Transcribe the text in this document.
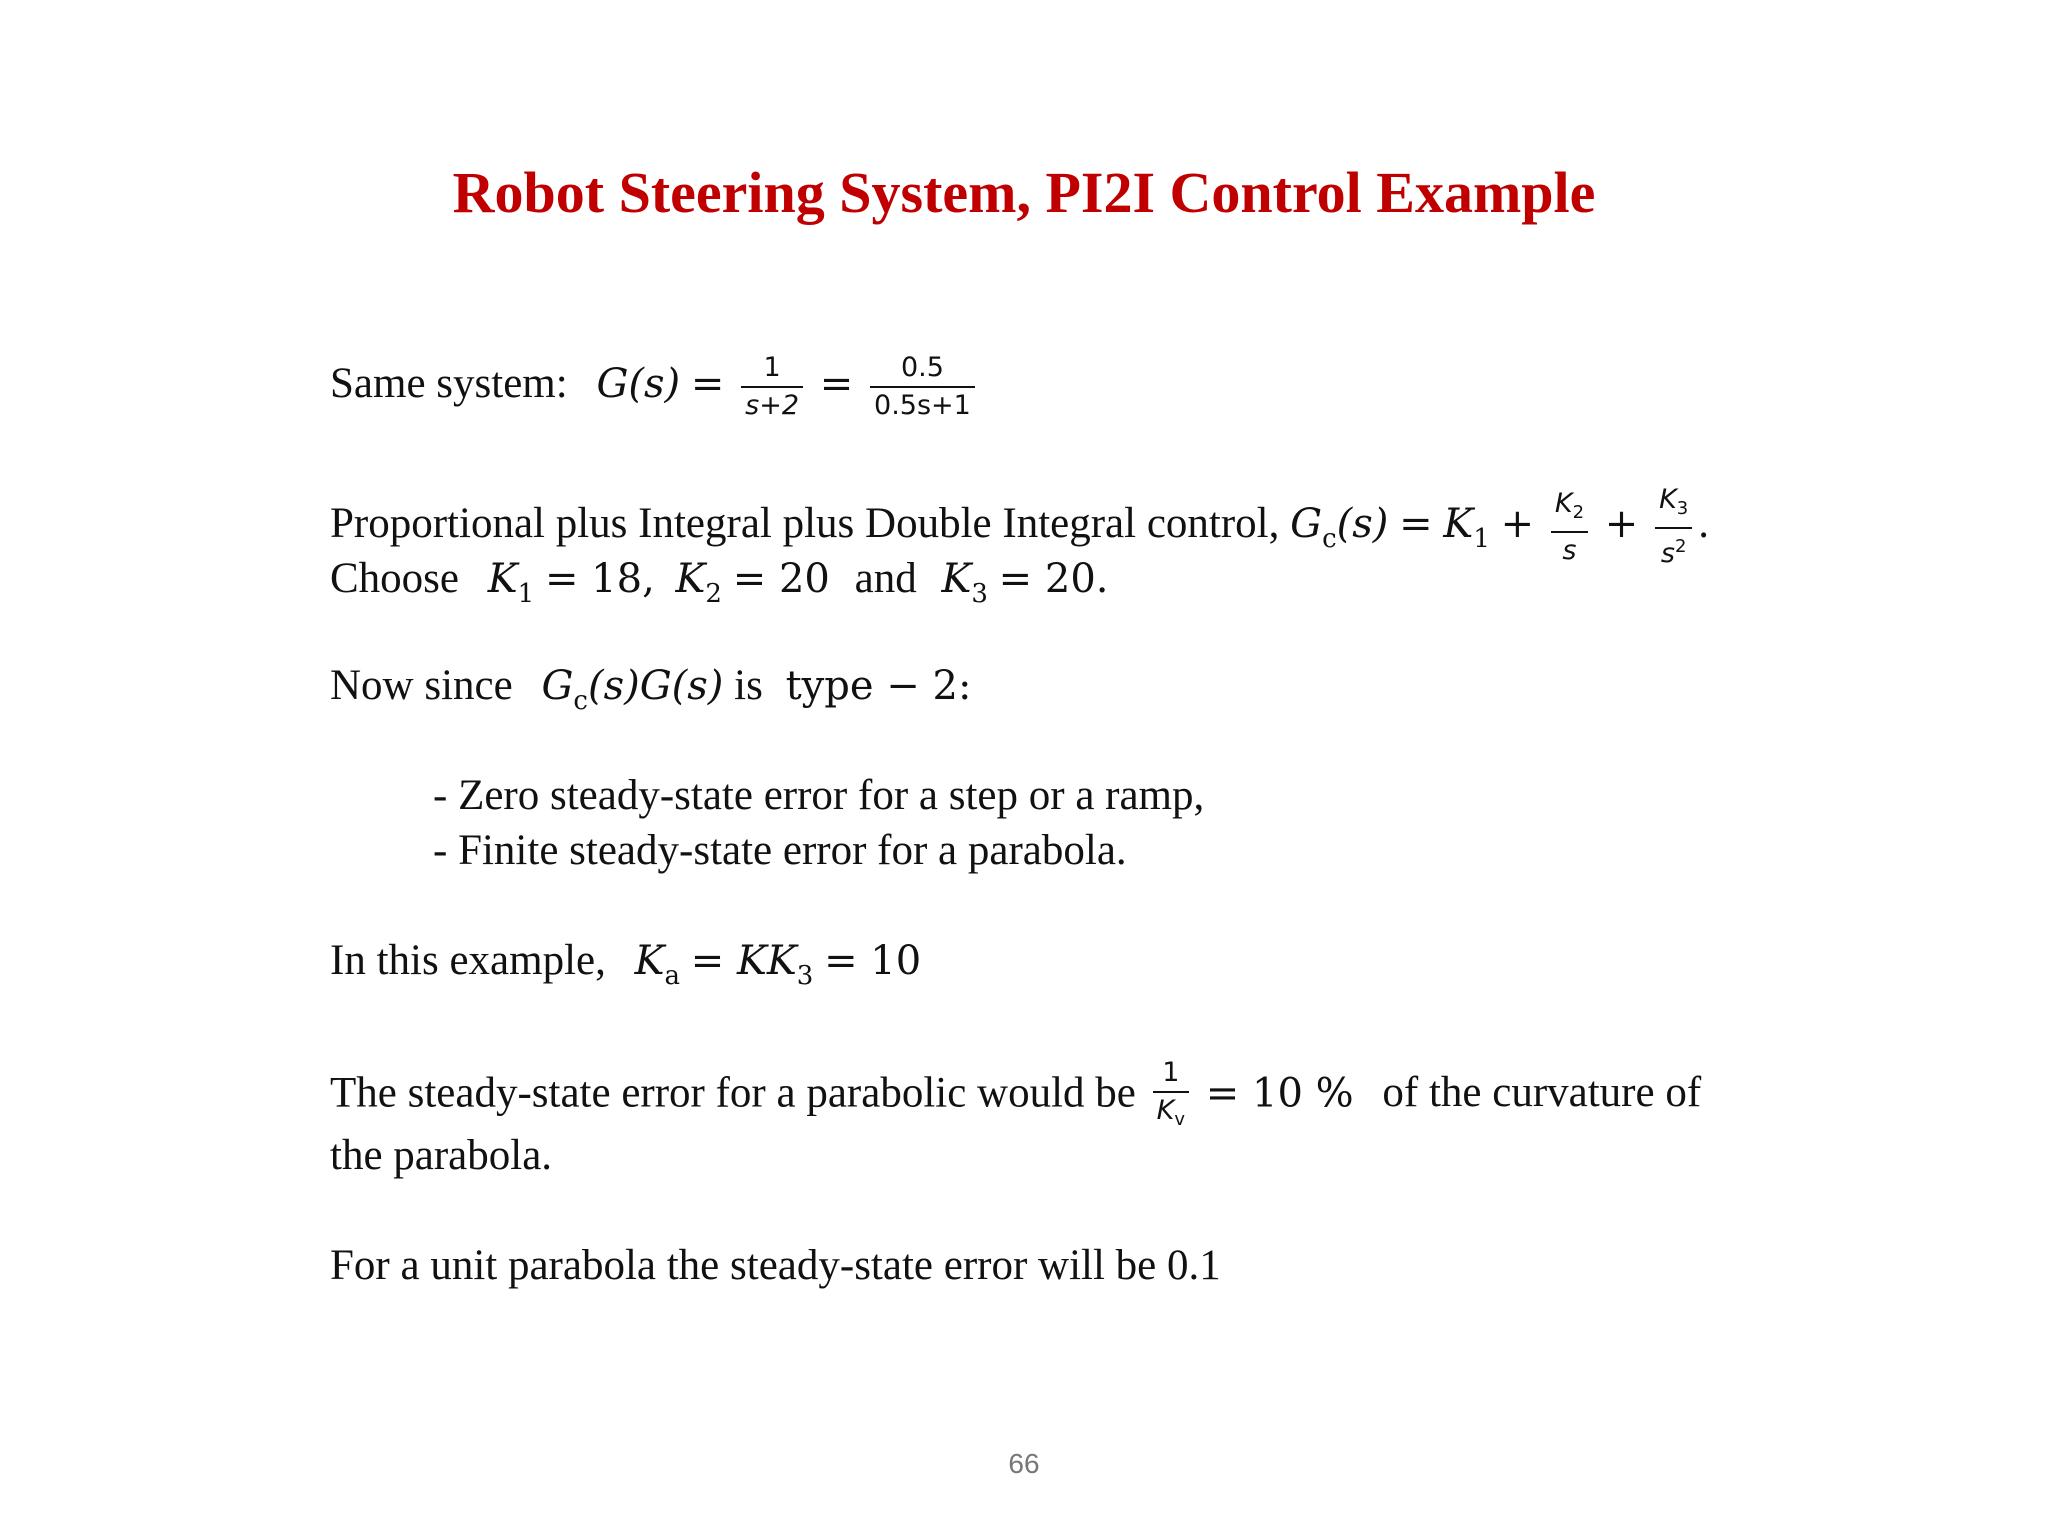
Robot Steering System, PI2I Control Example
Same system: $G(s) = \frac{1}{s+2} = \frac{0.5}{0.5s+1}$
Proportional plus Integral plus Double Integral control, $G_c(s) = K_1 + \frac{K_2}{s} + \frac{K_3}{s^2}$ .
Choose $K_1 = 18$, $K_2 = 20$ and $K_3 = 20$.
Now since $G_c(s)G(s)$ is type − 2:
- Zero steady-state error for a step or a ramp,
- Finite steady-state error for a parabola.
In this example, $K_a = KK_3 = 10$
The steady-state error for a parabolic would be $\frac{1}{K_v} = 10$ % of the curvature of
the parabola.
For a unit parabola the steady-state error will be 0.1
66
